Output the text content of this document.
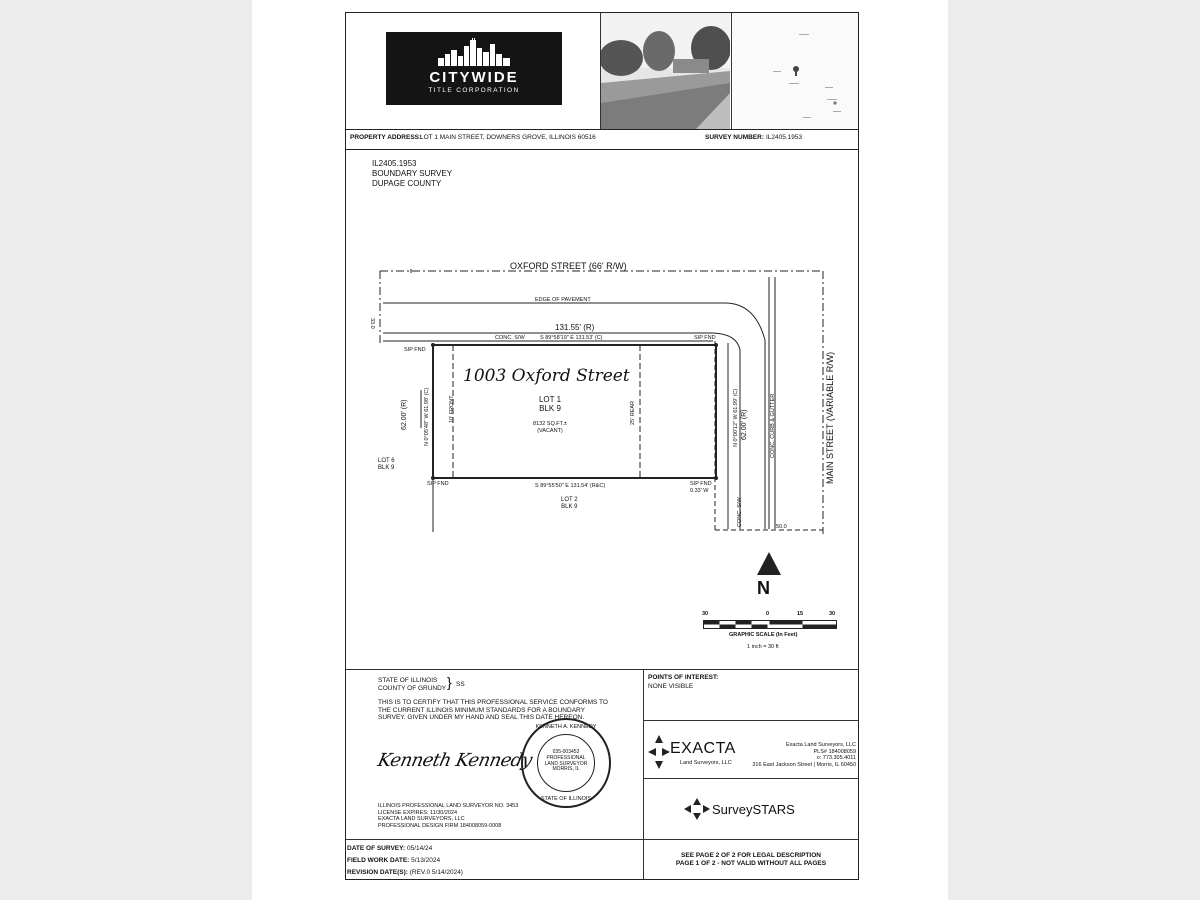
CITYWIDE
TITLE CORPORATION
PROPERTY ADDRESS:
LOT 1 MAIN STREET, DOWNERS GROVE, ILLINOIS 60516	SURVEY NUMBER: IL2405.1953
IL2405.1953
BOUNDARY SURVEY
DUPAGE COUNTY
OXFORD STREET (66' R/W)
EDGE OF PAVEMENT
33.0	131.55' (R)
CONC. S/W	S 89°58'19" E 131.53' (C)
SIP FND
SIP FND
1003 Oxford Street
LOT 1
BLK 9
8132 SQ.FT.±
(VACANT)
62.00' (R)	N 0°05'48" W 61.98' (C)	10' FRONT	25' REAR	N 0°00'12" W 61.99' (C) 62.00' (R)	CONC. CURB & GUTTER	MAIN STREET (VARIABLE R/W)
CONC. S/W
LOT 6
BLK 9
SIP FND	S 89°55'50" E 131.54' (R&C)	SIP FND
0.33' W
LOT 2
BLK 9
50.0
N
30	0	15	30
GRAPHIC SCALE (In Feet)
1 inch = 30 ft
STATE OF ILLINOIS
COUNTY OF GRUNDY } SS
THIS IS TO CERTIFY THAT THIS PROFESSIONAL SERVICE CONFORMS TO THE CURRENT ILLINOIS MINIMUM STANDARDS FOR A BOUNDARY SURVEY. GIVEN UNDER MY HAND AND SEAL THIS DATE HEREON.
Kenneth Kennedy
KENNETH A. KENNEDY
035-003453
PROFESSIONAL
LAND SURVEYOR
MORRIS, IL
STATE OF ILLINOIS
ILLINOIS PROFESSIONAL LAND SURVEYOR NO. 3453
LICENSE EXPIRES: 11/30/2024
EXACTA LAND SURVEYORS, LLC
PROFESSIONAL DESIGN FIRM 184008059-0008
POINTS OF INTEREST:
NONE VISIBLE
EXACTA
Land Surveyors, LLC
Exacta Land Surveyors, LLC
PLS# 184008059
o: 773.305.4011
316 East Jackson Street | Morris, IL 60450
SurveySTARS
DATE OF SURVEY: 05/14/24
FIELD WORK DATE: 5/13/2024
REVISION DATE(S): (REV.0 5/14/2024)
SEE PAGE 2 OF 2 FOR LEGAL DESCRIPTION
PAGE 1 OF 2 - NOT VALID WITHOUT ALL PAGES
